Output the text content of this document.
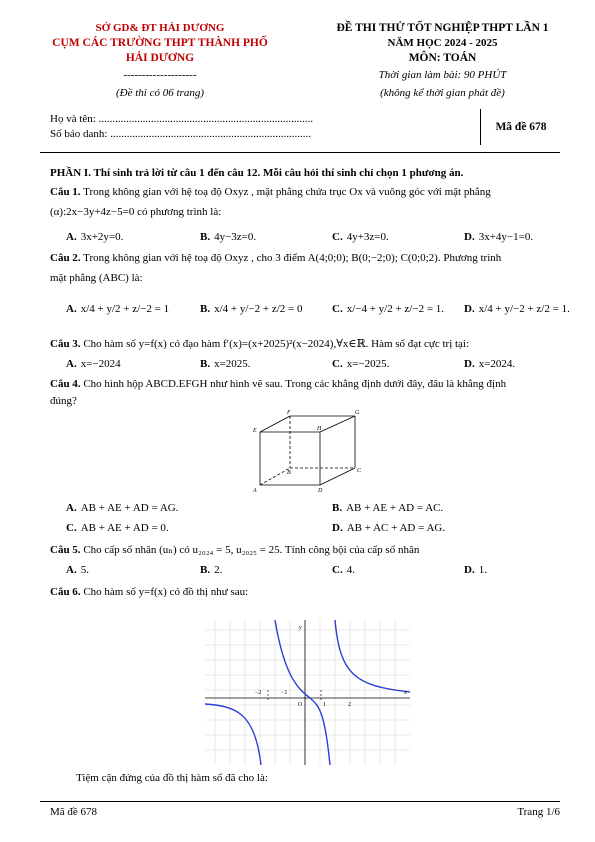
SỞ GD& ĐT HẢI DƯƠNG
CỤM CÁC TRƯỜNG THPT THÀNH PHỐ
HẢI DƯƠNG
--------------------
(Đề thi có 06 trang)
ĐỀ THI THỬ TỐT NGHIỆP THPT LẦN 1
NĂM HỌC 2024 - 2025
MÔN: TOÁN
Thời gian làm bài: 90 PHÚT
(không kể thời gian phát đề)
Họ và tên: ..............................................................................
Số báo danh: .........................................................................
Mã đề 678
PHẦN I. Thí sinh trả lời từ câu 1 đến câu 12. Mỗi câu hỏi thí sinh chỉ chọn 1 phương án.
Câu 1. Trong không gian với hệ toạ độ Oxyz , mặt phẳng chứa trục Ox và vuông góc với mặt phẳng
(α):2x−3y+4z−5=0 có phương trình là:
A. 3x+2y=0.	B. 4y−3z=0.	C. 4y+3z=0.	D. 3x+4y−1=0.
Câu 2. Trong không gian với hệ toạ độ Oxyz , cho 3 điểm A(4;0;0); B(0;−2;0); C(0;0;2). Phương trình
mặt phẳng (ABC) là:
A. x/4 + y/2 + z/−2 = 1	B. x/4 + y/−2 + z/2 = 0	C. x/−4 + y/2 + z/−2 = 1. D. x/4 + y/−2 + z/2 = 1.
Câu 3. Cho hàm số y=f(x) có đạo hàm f′(x)=(x+2025)²(x−2024),∀x∈ℝ. Hàm số đạt cực trị tại:
A. x=−2024	B. x=2025.	C. x=−2025.	D. x=2024.
Câu 4. Cho hình hộp ABCD.EFGH như hình vẽ sau. Trong các khẳng định dưới đây, đâu là khẳng định
đúng?
E
F	G
H
A
B	C
D
A. AB + AE + AD = AG.	B. AB + AE + AD = AC.
C. AB + AE + AD = 0.	D. AB + AC + AD = AG.
Câu 5. Cho cấp số nhân (uₙ) có u₂₀₂₄ = 5, u₂₀₂₅ = 25. Tính công bội của cấp số nhân
A. 5.	B. 2.	C. 4.	D. 1.
Câu 6. Cho hàm số y=f(x) có đồ thị như sau:
y
x
O
−2	−1
1	2
Tiệm cận đứng của đồ thị hàm số đã cho là:
Mã đề 678	Trang 1/6
